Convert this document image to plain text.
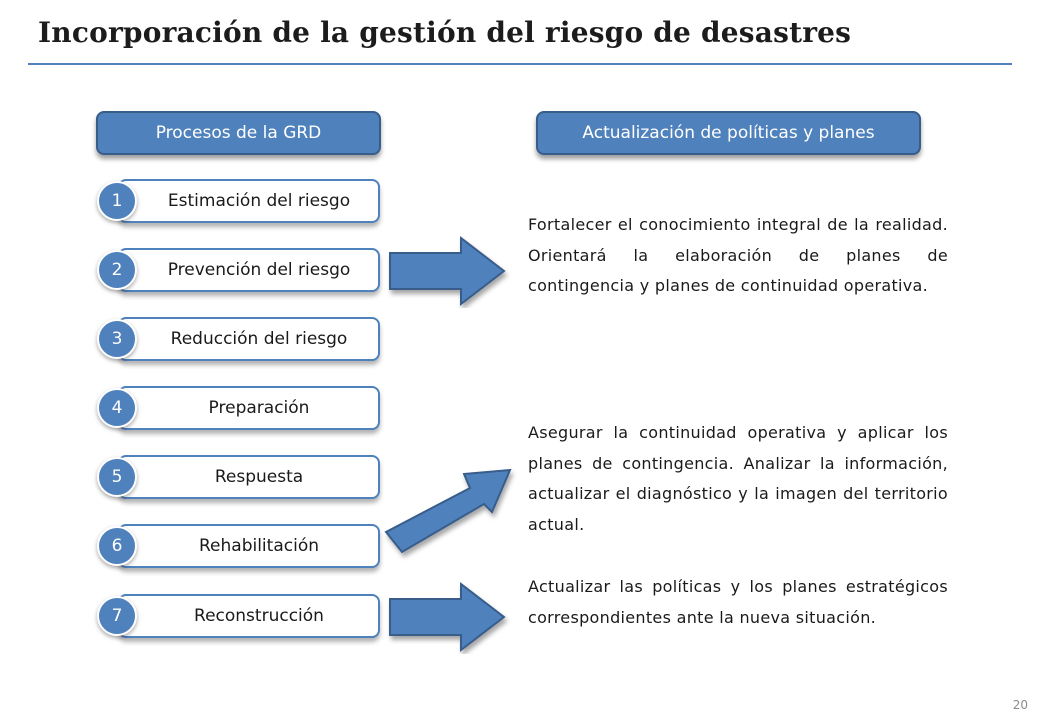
Incorporación de la gestión del riesgo de desastres
Procesos de la GRD	Actualización de políticas y planes
Estimación del riesgo
1
Prevención del riesgo
2
Reducción del riesgo
3
Preparación
4
Respuesta
5
Rehabilitación
6
Reconstrucción
7
Fortalecer el conocimiento integral de la realidad. Orientará la elaboración de planes de contingencia y planes de continuidad operativa.
Asegurar la continuidad operativa y aplicar los planes de contingencia. Analizar la información, actualizar el diagnóstico y la imagen del territorio actual.
Actualizar las políticas y los planes estratégicos correspondientes ante la nueva situación.
20
